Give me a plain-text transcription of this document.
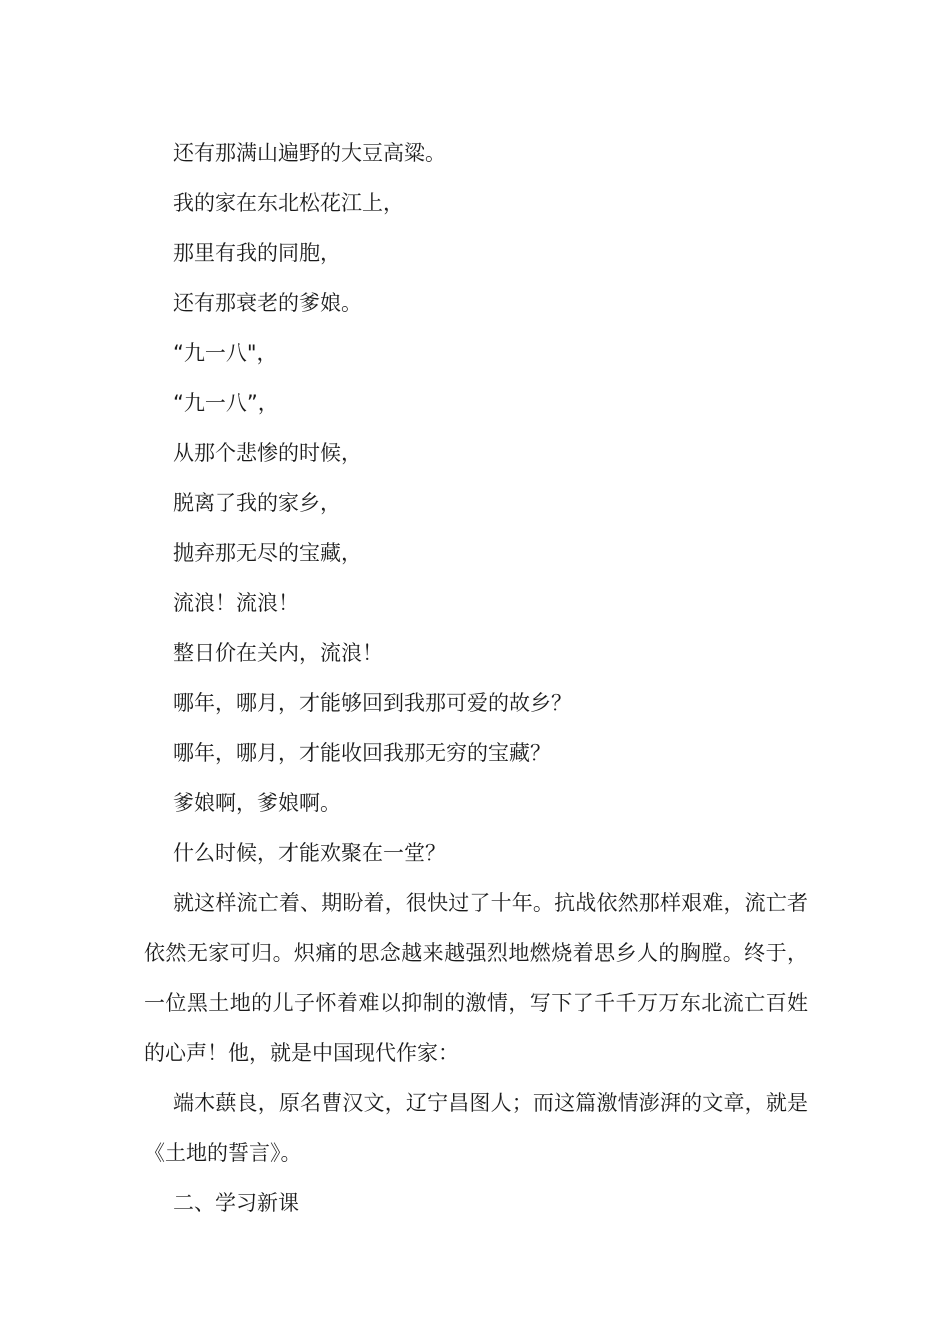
还有那满山遍野的大豆高粱。
我的家在东北松花江上，
那里有我的同胞，
还有那衰老的爹娘。
“九一八"，
“九一八”，
从那个悲惨的时候，
脱离了我的家乡，
抛弃那无尽的宝藏，
流浪！流浪！
整日价在关内，流浪！
哪年，哪月，才能够回到我那可爱的故乡？
哪年，哪月，才能收回我那无穷的宝藏？
爹娘啊，爹娘啊。
什么时候，才能欢聚在一堂？

就这样流亡着、期盼着，很快过了十年。抗战依然那样艰难，流亡者依然无家可归。炽痛的思念越来越强烈地燃烧着思乡人的胸膛。终于，一位黑土地的儿子怀着难以抑制的激情，写下了千千万万东北流亡百姓的心声！他，就是中国现代作家：

端木蕻良，原名曹汉文，辽宁昌图人；而这篇激情澎湃的文章，就是《土地的誓言》。

二、学习新课
